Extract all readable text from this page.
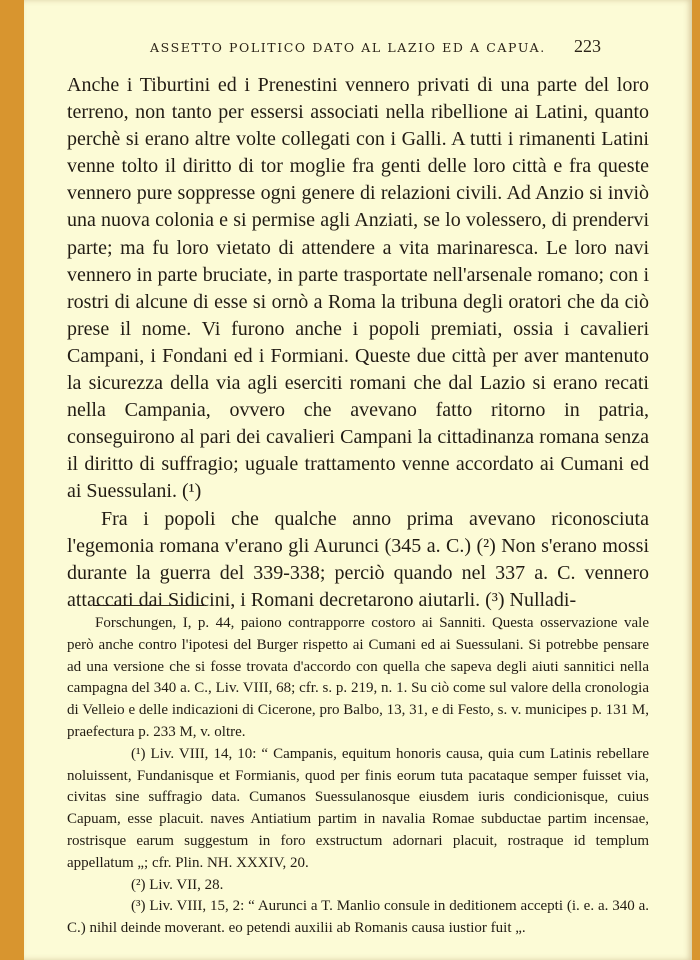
ASSETTO POLITICO DATO AL LAZIO ED A CAPUA. 223

Anche i Tiburtini ed i Prenestini vennero privati di una parte del loro terreno, non tanto per essersi associati nella ribellione ai Latini, quanto perchè si erano altre volte collegati con i Galli. A tutti i rimanenti Latini venne tolto il diritto di tor moglie fra genti delle loro città e fra queste vennero pure soppresse ogni genere di relazioni civili. Ad Anzio si inviò una nuova colonia e si permise agli Anziati, se lo volessero, di prendervi parte; ma fu loro vietato di attendere a vita marinaresca. Le loro navi vennero in parte bruciate, in parte trasportate nell'arsenale romano; con i rostri di alcune di esse si ornò a Roma la tribuna degli oratori che da ciò prese il nome. Vi furono anche i popoli premiati, ossia i cavalieri Campani, i Fondani ed i Formiani. Queste due città per aver mantenuto la sicurezza della via agli eserciti romani che dal Lazio si erano recati nella Campania, ovvero che avevano fatto ritorno in patria, conseguirono al pari dei cavalieri Campani la cittadinanza romana senza il diritto di suffragio; uguale trattamento venne accordato ai Cumani ed ai Suessulani. (¹)

Fra i popoli che qualche anno prima avevano riconosciuta l'egemonia romana v'erano gli Aurunci (345 a. C.) (²) Non s'erano mossi durante la guerra del 339-338; perciò quando nel 337 a. C. vennero attaccati dai Sidicini, i Romani decretarono aiutarli. (³) Nulladi-

Forschungen, I, p. 44, paiono contrapporre costoro ai Sanniti. Questa osservazione vale però anche contro l'ipotesi del Burger rispetto ai Cumani ed ai Suessulani. Si potrebbe pensare ad una versione che si fosse trovata d'accordo con quella che sapeva degli aiuti sannitici nella campagna del 340 a. C., Liv. VIII, 68; cfr. s. p. 219, n. 1. Su ciò come sul valore della cronologia di Velleio e delle indicazioni di Cicerone, pro Balbo, 13, 31, e di Festo, s. v. municipes p. 131 M, praefectura p. 233 M, v. oltre.

(¹) Liv. VIII, 14, 10: “ Campanis, equitum honoris causa, quia cum Latinis rebellare noluissent, Fundanisque et Formianis, quod per finis eorum tuta pacataque semper fuisset via, civitas sine suffragio data. Cumanos Suessulanosque eiusdem iuris condicionisque, cuius Capuam, esse placuit. naves Antiatium partim in navalia Romae subductae partim incensae, rostrisque earum suggestum in foro exstructum adornari placuit, rostraque id templum appellatum „; cfr. Plin. NH. XXXIV, 20.

(²) Liv. VII, 28.

(³) Liv. VIII, 15, 2: “ Aurunci a T. Manlio consule in deditionem accepti (i. e. a. 340 a. C.) nihil deinde moverant. eo petendi auxilii ab Romanis causa iustior fuit „.
